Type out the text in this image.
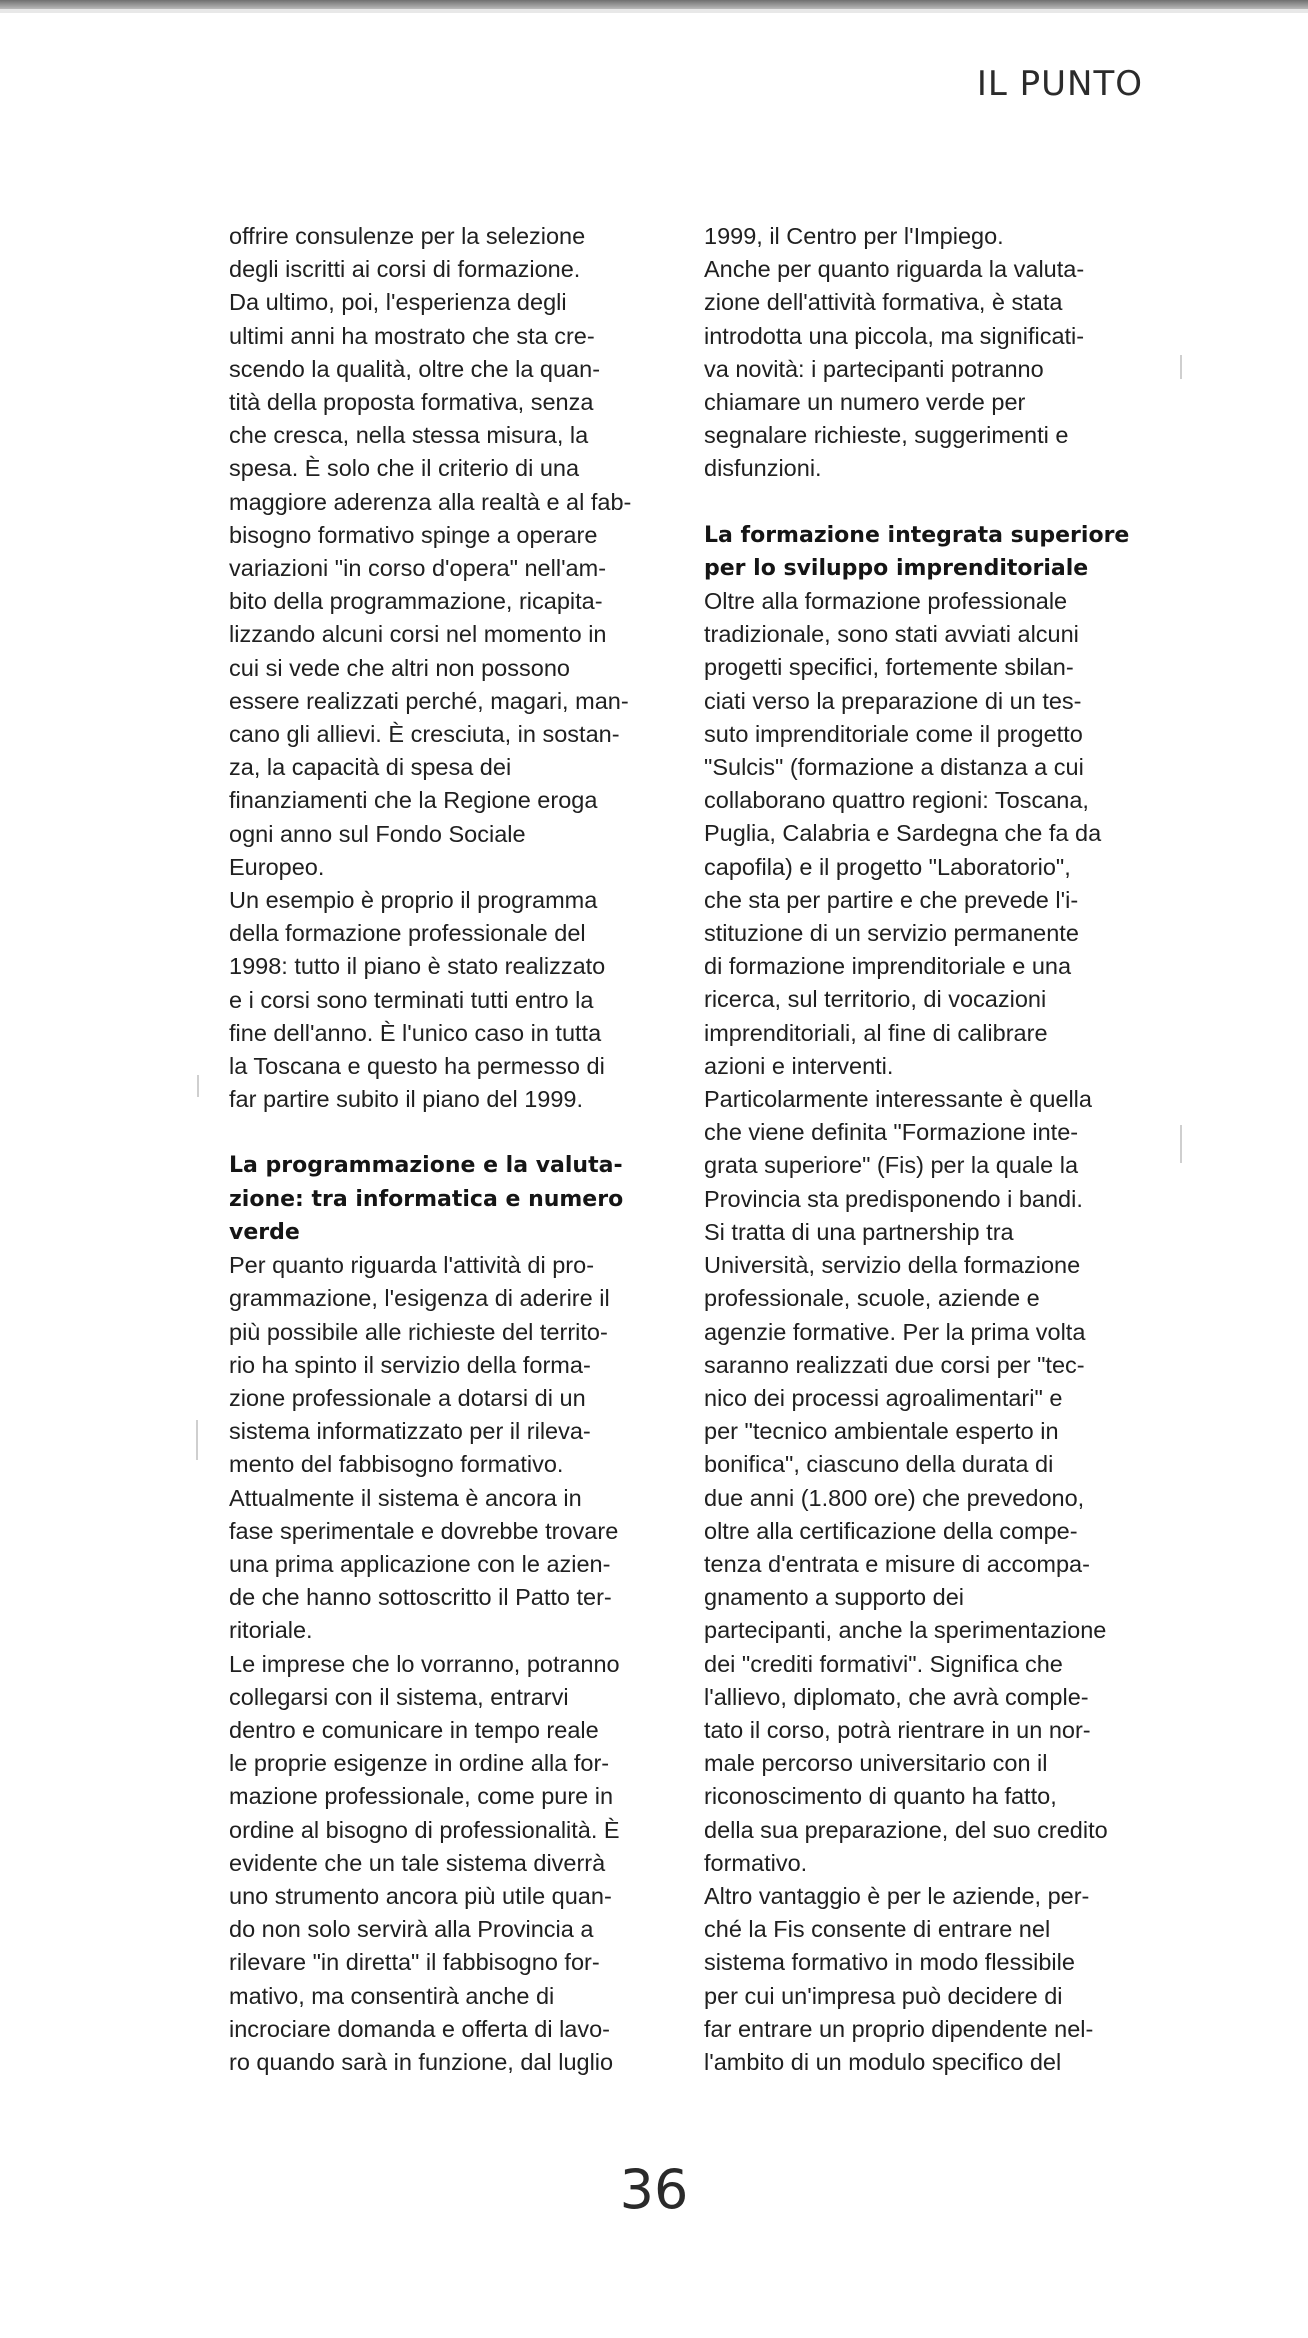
IL PUNTO

offrire consulenze per la selezione
degli iscritti ai corsi di formazione.
Da ultimo, poi, l'esperienza degli
ultimi anni ha mostrato che sta cre-
scendo la qualità, oltre che la quan-
tità della proposta formativa, senza
che cresca, nella stessa misura, la
spesa. È solo che il criterio di una
maggiore aderenza alla realtà e al fab-
bisogno formativo spinge a operare
variazioni "in corso d'opera" nell'am-
bito della programmazione, ricapita-
lizzando alcuni corsi nel momento in
cui si vede che altri non possono
essere realizzati perché, magari, man-
cano gli allievi. È cresciuta, in sostan-
za, la capacità di spesa dei
finanziamenti che la Regione eroga
ogni anno sul Fondo Sociale
Europeo.

Un esempio è proprio il programma
della formazione professionale del
1998: tutto il piano è stato realizzato
e i corsi sono terminati tutti entro la
fine dell'anno. È l'unico caso in tutta
la Toscana e questo ha permesso di
far partire subito il piano del 1999.

La programmazione e la valuta-
zione: tra informatica e numero
verde

Per quanto riguarda l'attività di pro-
grammazione, l'esigenza di aderire il
più possibile alle richieste del territo-
rio ha spinto il servizio della forma-
zione professionale a dotarsi di un
sistema informatizzato per il rileva-
mento del fabbisogno formativo.
Attualmente il sistema è ancora in
fase sperimentale e dovrebbe trovare
una prima applicazione con le azien-
de che hanno sottoscritto il Patto ter-
ritoriale.

Le imprese che lo vorranno, potranno
collegarsi con il sistema, entrarvi
dentro e comunicare in tempo reale
le proprie esigenze in ordine alla for-
mazione professionale, come pure in
ordine al bisogno di professionalità. È
evidente che un tale sistema diverrà
uno strumento ancora più utile quan-
do non solo servirà alla Provincia a
rilevare "in diretta" il fabbisogno for-
mativo, ma consentirà anche di
incrociare domanda e offerta di lavo-
ro quando sarà in funzione, dal luglio

1999, il Centro per l'Impiego.
Anche per quanto riguarda la valuta-
zione dell'attività formativa, è stata
introdotta una piccola, ma significati-
va novità: i partecipanti potranno
chiamare un numero verde per
segnalare richieste, suggerimenti e
disfunzioni.

La formazione integrata superiore
per lo sviluppo imprenditoriale

Oltre alla formazione professionale
tradizionale, sono stati avviati alcuni
progetti specifici, fortemente sbilan-
ciati verso la preparazione di un tes-
suto imprenditoriale come il progetto
"Sulcis" (formazione a distanza a cui
collaborano quattro regioni: Toscana,
Puglia, Calabria e Sardegna che fa da
capofila) e il progetto "Laboratorio",
che sta per partire e che prevede l'i-
stituzione di un servizio permanente
di formazione imprenditoriale e una
ricerca, sul territorio, di vocazioni
imprenditoriali, al fine di calibrare
azioni e interventi.

Particolarmente interessante è quella
che viene definita "Formazione inte-
grata superiore" (Fis) per la quale la
Provincia sta predisponendo i bandi.
Si tratta di una partnership tra
Università, servizio della formazione
professionale, scuole, aziende e
agenzie formative. Per la prima volta
saranno realizzati due corsi per "tec-
nico dei processi agroalimentari" e
per "tecnico ambientale esperto in
bonifica", ciascuno della durata di
due anni (1.800 ore) che prevedono,
oltre alla certificazione della compe-
tenza d'entrata e misure di accompa-
gnamento a supporto dei
partecipanti, anche la sperimentazione
dei "crediti formativi". Significa che
l'allievo, diplomato, che avrà comple-
tato il corso, potrà rientrare in un nor-
male percorso universitario con il
riconoscimento di quanto ha fatto,
della sua preparazione, del suo credito
formativo.

Altro vantaggio è per le aziende, per-
ché la Fis consente di entrare nel
sistema formativo in modo flessibile
per cui un'impresa può decidere di
far entrare un proprio dipendente nel-
l'ambito di un modulo specifico del

36
